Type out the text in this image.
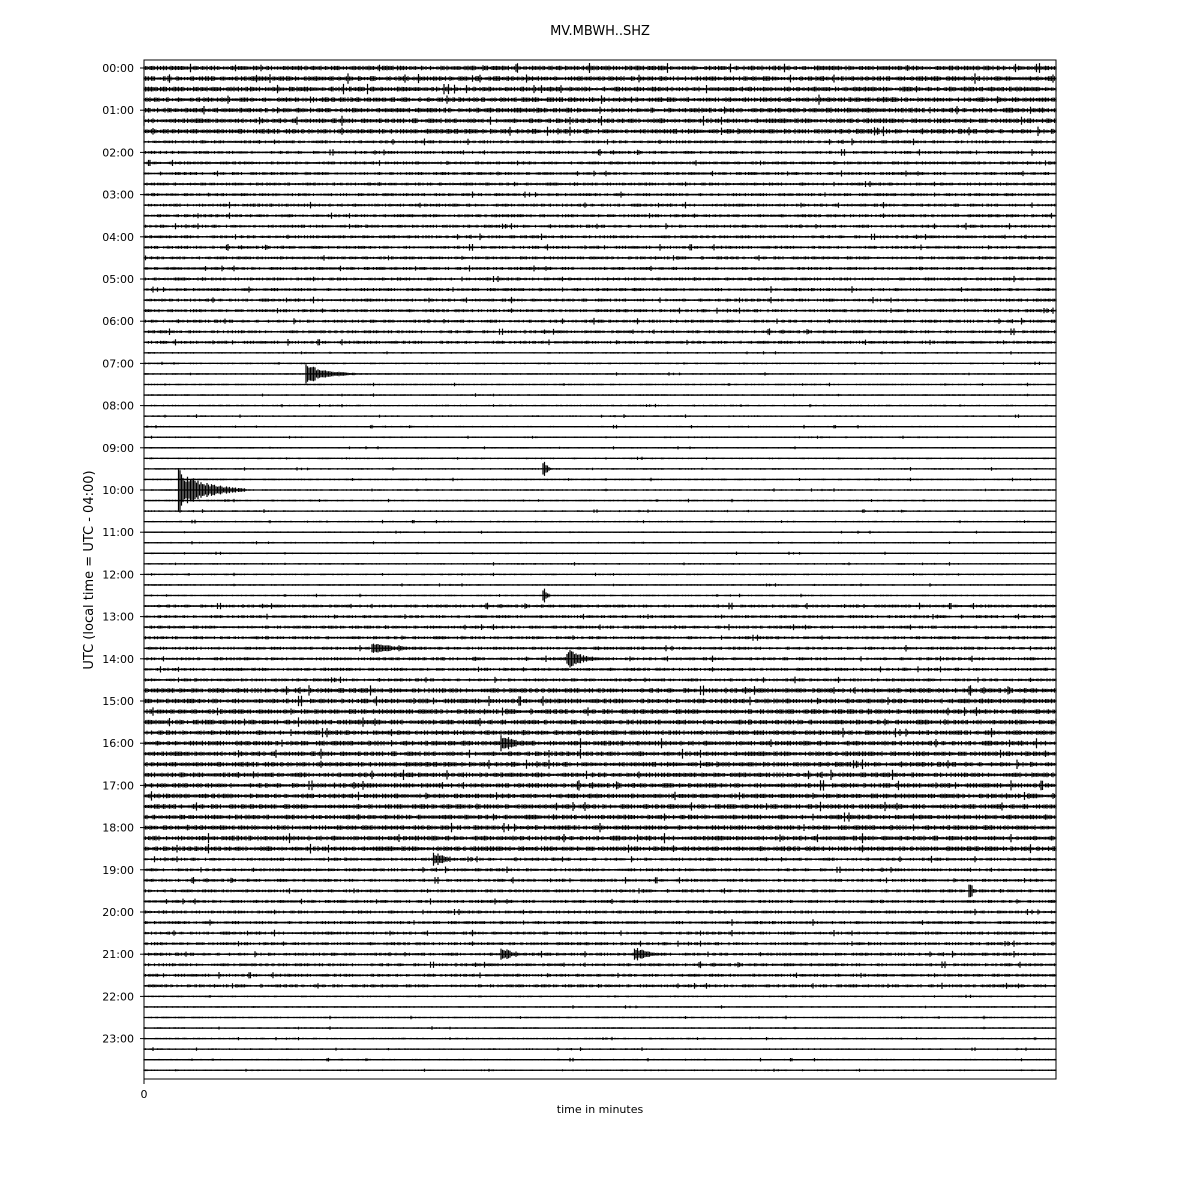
MV.MBWH..SHZ
00:00
01:00
02:00
03:00
04:00
05:00
06:00
07:00
08:00
09:00
10:00
11:00
12:00
13:00
14:00
15:00
16:00
17:00
18:00
19:00
20:00
21:00
22:00
23:00
0
time in minutes
UTC (local time = UTC - 04:00)
